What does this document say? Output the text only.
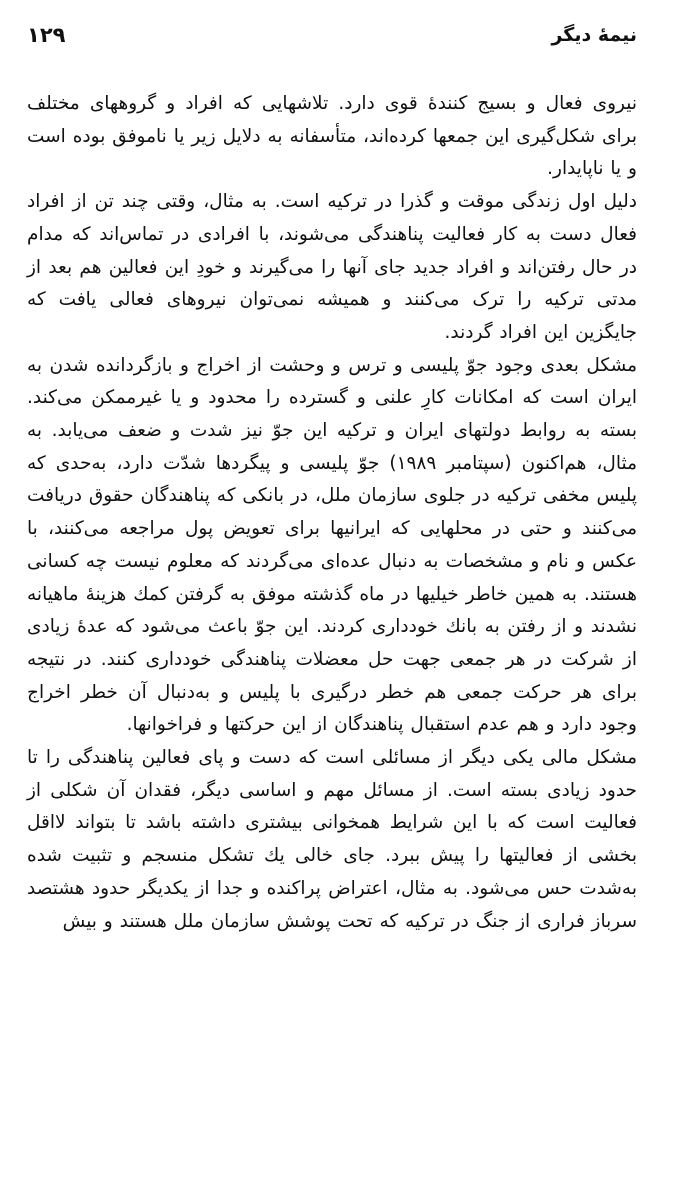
۱۲۹	نیمهٔ دیگر

نیروی فعال و بسیج کنندهٔ قوی دارد. تلاشهایی که افراد و گروههای مختلف برای شکل‌گیری این جمعها کرده‌اند، متأسفانه به دلایل زیر یا ناموفق بوده است و یا ناپایدار.

دلیل اول زندگی موقت و گذرا در ترکیه است. به مثال، وقتی چند تن از افراد فعال دست به کار فعالیت پناهندگی می‌شوند، با افرادی در تماس‌اند که مدام در حال رفتن‌اند و افراد جدید جای آنها را می‌گیرند و خودِ این فعالین هم بعد از مدتی ترکیه را ترک می‌کنند و همیشه نمی‌توان نیروهای فعالی یافت که جایگزین این افراد گردند.

مشکل بعدی وجود جوّ پلیسی و ترس و وحشت از اخراج و بازگردانده شدن به ایران است که امکانات کارِ علنی و گسترده را محدود و یا غیرممکن می‌کند. بسته به روابط دولتهای ایران و ترکیه این جوّ نیز شدت و ضعف می‌یابد. به مثال، هم‌اکنون (سپتامبر ۱۹۸۹) جوّ پلیسی و پیگردها شدّت دارد، به‌حدی که پلیس مخفی ترکیه در جلوی سازمان ملل، در بانکی که پناهندگان حقوق دریافت می‌کنند و حتی در محلهایی که ایرانیها برای تعویض پول مراجعه می‌کنند، با عکس و نام و مشخصات به دنبال عده‌ای می‌گردند که معلوم نیست چه کسانی هستند. به همین خاطر خیلیها در ماه گذشته موفق به گرفتن کمك هزینهٔ ماهیانه نشدند و از رفتن به بانك خودداری کردند. این جوّ باعث می‌شود که عدهٔ زیادی از شرکت در هر جمعی جهت حل معضلات پناهندگی خودداری کنند. در نتیجه برای هر حرکت جمعی هم خطر درگیری با پلیس و به‌دنبال آن خطر اخراج وجود دارد و هم عدم استقبال پناهندگان از این حرکتها و فراخوانها.

مشکل مالی یکی دیگر از مسائلی است که دست و پای فعالین پناهندگی را تا حدود زیادی بسته است. از مسائل مهم و اساسی دیگر، فقدان آن شکلی از فعالیت است که با این شرایط همخوانی بیشتری داشته باشد تا بتواند لااقل بخشی از فعالیتها را پیش ببرد. جای خالی یك تشکل منسجم و تثبیت شده به‌شدت حس می‌شود. به مثال، اعتراض پراکنده و جدا از یکدیگر حدود هشتصد سرباز فراری از جنگ در ترکیه که تحت پوشش سازمان ملل هستند و بیش
